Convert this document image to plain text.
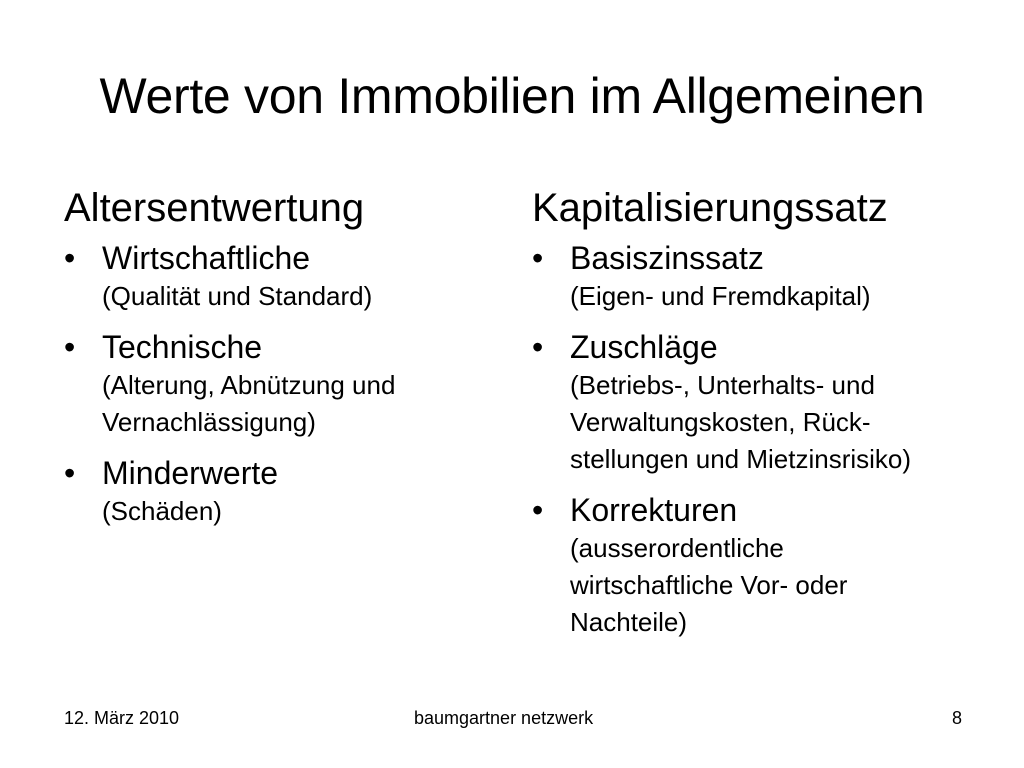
Werte von Immobilien im Allgemeinen
Altersentwertung
• Wirtschaftliche
(Qualität und Standard)
• Technische
(Alterung, Abnützung und Vernachlässigung)
• Minderwerte
(Schäden)
Kapitalisierungssatz
• Basiszinssatz
(Eigen- und Fremdkapital)
• Zuschläge
(Betriebs-, Unterhalts- und Verwaltungskosten, Rück-stellungen und Mietzinsrisiko)
• Korrekturen
(ausserordentliche wirtschaftliche Vor- oder Nachteile)
12. März 2010	baumgartner netzwerk	8
